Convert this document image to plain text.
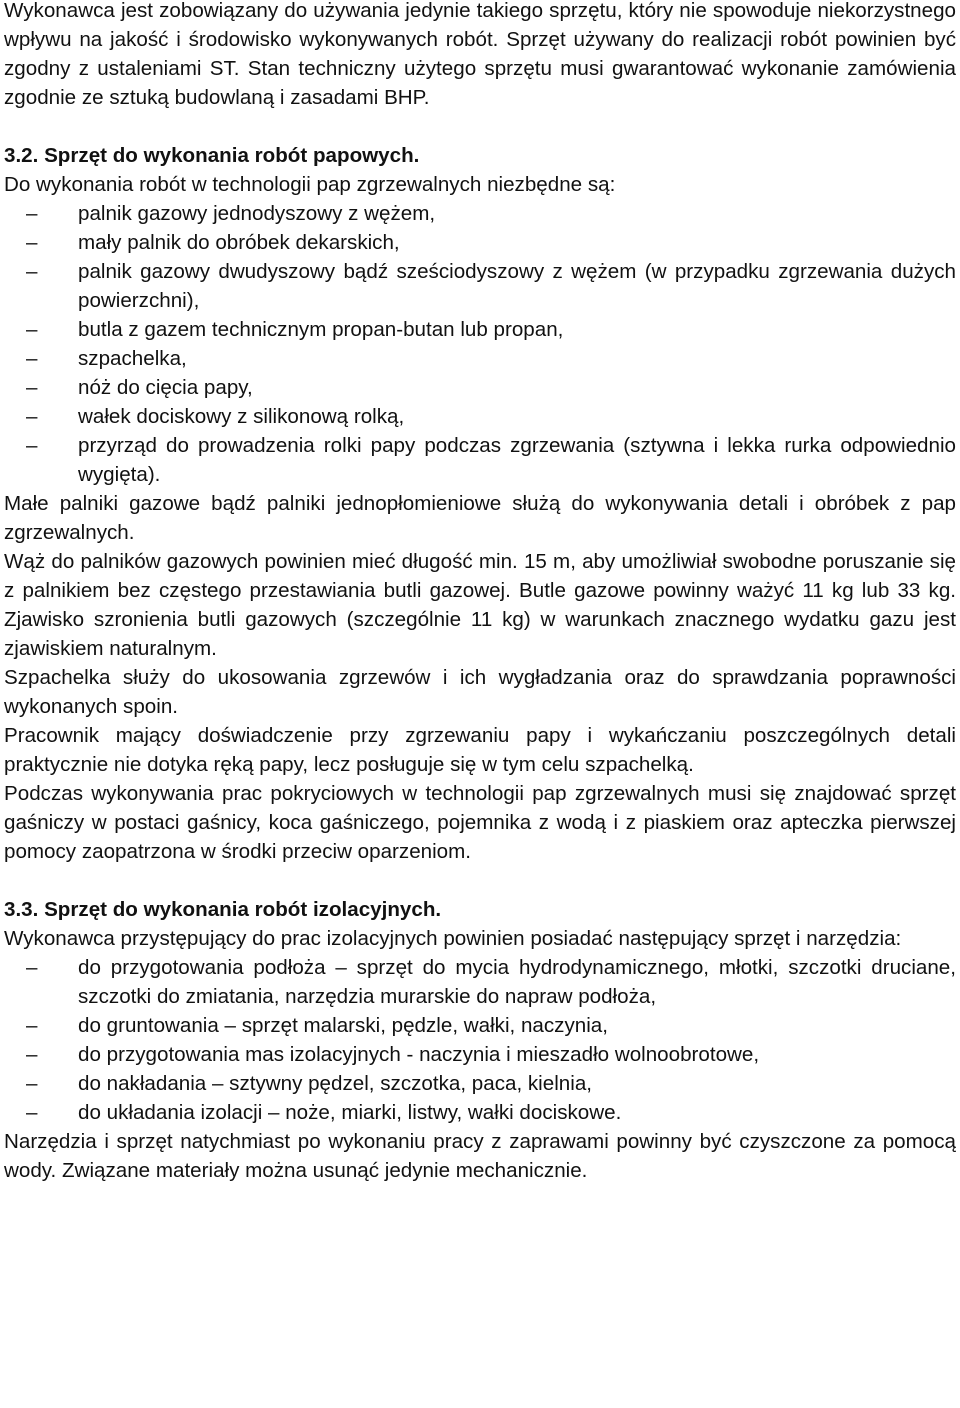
Wykonawca jest zobowiązany do używania jedynie takiego sprzętu, który nie spowoduje niekorzystnego wpływu na jakość i środowisko wykonywanych robót. Sprzęt używany do realizacji robót powinien być zgodny z ustaleniami ST. Stan techniczny użytego sprzętu musi gwarantować wykonanie zamówienia zgodnie ze sztuką budowlaną i zasadami BHP.

3.2. Sprzęt do wykonania robót papowych.

Do wykonania robót w technologii pap zgrzewalnych niezbędne są:

– palnik gazowy jednodyszowy z wężem,
– mały palnik do obróbek dekarskich,
– palnik gazowy dwudyszowy bądź sześciodyszowy z wężem (w przypadku zgrzewania dużych powierzchni),
– butla z gazem technicznym propan-butan lub propan,
– szpachelka,
– nóż do cięcia papy,
– wałek dociskowy z silikonową rolką,
– przyrząd do prowadzenia rolki papy podczas zgrzewania (sztywna i lekka rurka odpowiednio wygięta).

Małe palniki gazowe bądź palniki jednopłomieniowe służą do wykonywania detali i obróbek z pap zgrzewalnych.

Wąż do palników gazowych powinien mieć długość min. 15 m, aby umożliwiał swobodne poruszanie się z palnikiem bez częstego przestawiania butli gazowej. Butle gazowe powinny ważyć 11 kg lub 33 kg. Zjawisko szronienia butli gazowych (szczególnie 11 kg) w warunkach znacznego wydatku gazu jest zjawiskiem naturalnym.

Szpachelka służy do ukosowania zgrzewów i ich wygładzania oraz do sprawdzania poprawności wykonanych spoin.

Pracownik mający doświadczenie przy zgrzewaniu papy i wykańczaniu poszczególnych detali praktycznie nie dotyka ręką papy, lecz posługuje się w tym celu szpachelką.

Podczas wykonywania prac pokryciowych w technologii pap zgrzewalnych musi się znajdować sprzęt gaśniczy w postaci gaśnicy, koca gaśniczego, pojemnika z wodą i z piaskiem oraz apteczka pierwszej pomocy zaopatrzona w środki przeciw oparzeniom.

3.3. Sprzęt do wykonania robót izolacyjnych.

Wykonawca przystępujący do prac izolacyjnych powinien posiadać następujący sprzęt i narzędzia:

– do przygotowania podłoża – sprzęt do mycia hydrodynamicznego, młotki, szczotki druciane, szczotki do zmiatania, narzędzia murarskie do napraw podłoża,
– do gruntowania – sprzęt malarski, pędzle, wałki, naczynia,
– do przygotowania mas izolacyjnych - naczynia i mieszadło wolnoobrotowe,
– do nakładania – sztywny pędzel, szczotka, paca, kielnia,
– do układania izolacji – noże, miarki, listwy, wałki dociskowe.

Narzędzia i sprzęt natychmiast po wykonaniu pracy z zaprawami powinny być czyszczone za pomocą wody. Związane materiały można usunąć jedynie mechanicznie.
